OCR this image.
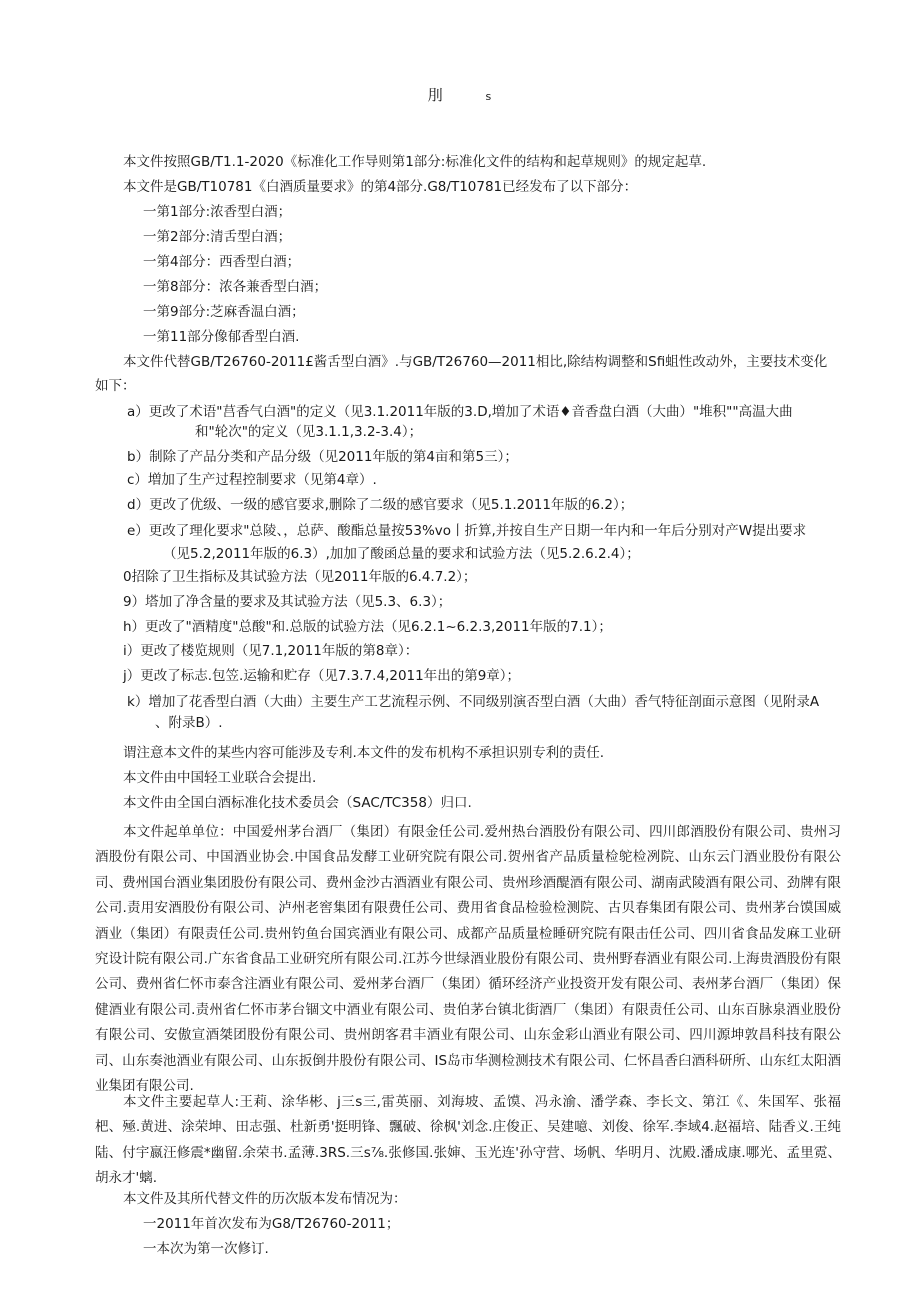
刖	s
本文件按照GB/T1.1-2020《标准化工作导则第1部分:标准化文件的结构和起草规则》的规定起草.
本文件是GB/T10781《白酒质量要求》的第4部分.G8/T10781已经发布了以下部分：
一第1部分:浓香型白酒；
一第2部分:清舌型白酒；
一第4部分：西香型白酒；
一第8部分：浓各兼香型白酒；
一第9部分:芝麻香温白酒；
一第11部分像郁香型白酒.
本文件代替GB/T26760-2011£酱舌型白酒》.与GB/T26760—2011相比,除结构调整和Sfi蛆性改动外，主要技术变化
如下：
a）更改了术语"莒香气白酒"的定义（见3.1.2011年版的3.D,増加了术语♦音香盘白酒（大曲）"堆积""高温大曲
和"轮次"的定义（见3.1.1,3.2-3.4）；
b）制除了产品分类和产品分级（见2011年版的第4亩和第5三）；
c）増加了生产过程控制要求（见第4章）.
d）更改了优级、一级的感官要求,删除了二级的感官要求（见5.1.2011年版的6.2）；
e）更改了理化要求"总陵、，总萨、酸酯总量按53%vo丨折算,并按自生产日期一年内和一年后分别对产W提出要求
（见5.2,2011年版的6.3）,加加了酸函总量的要求和试验方法（见5.2.6.2.4）；
0招除了卫生指标及其试验方法（见2011年版的6.4.7.2）；
9）塔加了净含量的要求及其试验方法（见5.3、6.3）；
h）更改了"酒精度"总酸"和.总版的试验方法（见6.2.1~6.2.3,2011年版的7.1）；
i）更改了楼览规则（见7.1,2011年版的第8章）：
j）更改了标志.包笠.运输和贮存（见7.3.7.4,2011年出的第9章）；
k）增加了花香型白酒（大曲）主要生产工艺流程示例、不同级别演否型白酒（大曲）香气特征剖面示意图（见附录A
、附录B）.
谓注意本文件的某些内容可能涉及专利.本文件的发布机构不承担识别专利的责任.
本文件由中国轻工业联合会提出.
本文件由全国白酒标准化技术委员会（SAC/TC358）归口.
本文件起单单位：中国爱州茅台酒厂（集团）有限金任公司.爱州热台酒股份有限公司、四川郎酒股份有限公司、贵州习酒股份有限公司、中国酒业协会.中国食品发酵工业研究院有限公司.贺州省产品质量检鸵检冽院、山东云门酒业股份有限公司、费州国台酒业集团股份有限公司、费州金沙古酒酒业有限公司、贵州珍酒醍酒有限公司、湖南武陵酒有限公司、劲牌有限公司.责用安酒股份有限公司、泸州老窖集团有限费任公司、费用省食品检验检测院、古贝春集团有限公司、贵州茅台馍国威酒业（集团）有限责任公司.贵州钓鱼台国宾酒业有限公司、成都产品质量检睡研究院有限击任公司、四川省食品发麻工业研究设计院有限公司.广东省食品工业研究所有限公司.江苏今世绿酒业股份有限公司、贵州野春酒业有限公司.上海贵酒股份有限公司、费州省仁怀市泰含注酒业有限公司、爱州茅台酒厂（集团）循环经济产业投资开发有限公司、表州茅台酒厂（集团）保健酒业有限公司.责州省仁怀市茅台锢文中酒业有限公司、贵伯茅台镇北街酒厂（集团）有限责任公司、山东百脉泉酒业股份有限公司、安傲宣酒桀团股份有限公司、贵州朗客君丰酒业有限公司、山东金彩山酒业有限公司、四川源坤敦昌科技有限公司、山东奏池酒业有限公司、山东扳倒井股份有限公司、IS岛市华测检测技术有限公司、仁怀昌香臼酒科研所、山东红太阳酒业集团有限公司.
本文件主要起草人:王莉、涂华彬、j三s三,雷英丽、刘海坡、孟馍、冯永渝、潘学森、李长文、第江《、朱国军、张福杷、殛.黄进、涂荣坤、田志强、杜新勇'挺明锋、飄破、徐枫'刘念.庄俊正、吴建噫、刘俊、徐军.李域4.赵福培、陆香义.王纯陆、付宇嬴汪修震*幽留.余荣书.孟薄.3RS.三s⅞.张修国.张婶、玉光连'孙守营、场帆、华明月、沈殿.潘成康.哪光、孟里霓、胡永才'螭.
本文件及其所代替文件的历次版本发布情况为：
一2011年首次发布为G8/T26760-2011；
一本次为第一次修订.
